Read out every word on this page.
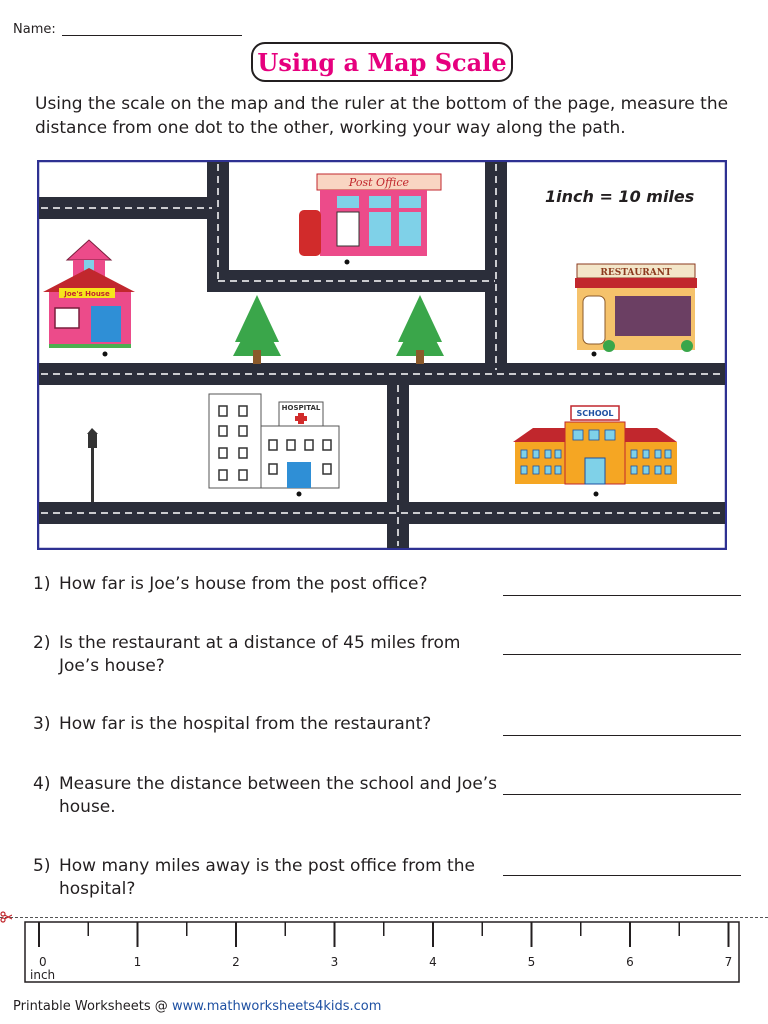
Name:
Using a Map Scale
Using the scale on the map and the ruler at the bottom of the page, measure the distance from one dot to the other, working your way along the path.
Post Office
Joe's House
RESTAURANT
HOSPITAL
SCHOOL
1inch = 10 miles
1) How far is Joe’s house from the post office?
2) Is the restaurant at a distance of 45 miles from Joe’s house?
3) How far is the hospital from the restaurant?
4) Measure the distance between the school and Joe’s house.
5) How many miles away is the post office from the hospital?
0	1	2	3	4	5	6	7
inch
Printable Worksheets @ www.mathworksheets4kids.com
